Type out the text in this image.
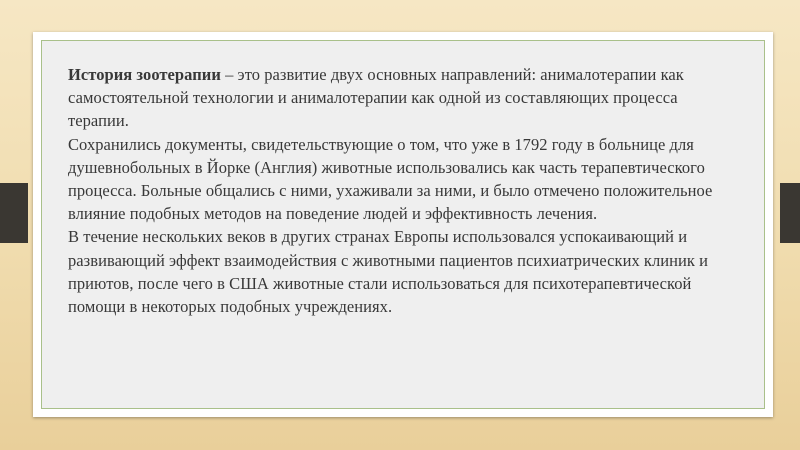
История зоотерапии – это развитие двух основных направлений: анималотерапии как самостоятельной технологии и анималотерапии как одной из составляющих процесса терапии.

Сохранились документы, свидетельствующие о том, что уже в 1792 году в больнице для душевнобольных в Йорке (Англия) животные использовались как часть терапевтического процесса. Больные общались с ними, ухаживали за ними, и было отмечено положительное влияние подобных методов на поведение людей и эффективность лечения.

В течение нескольких веков в других странах Европы использовался успокаивающий и развивающий эффект взаимодействия с животными пациентов психиатрических клиник и приютов, после чего в США животные стали использоваться для психотерапевтической помощи в некоторых подобных учреждениях.
